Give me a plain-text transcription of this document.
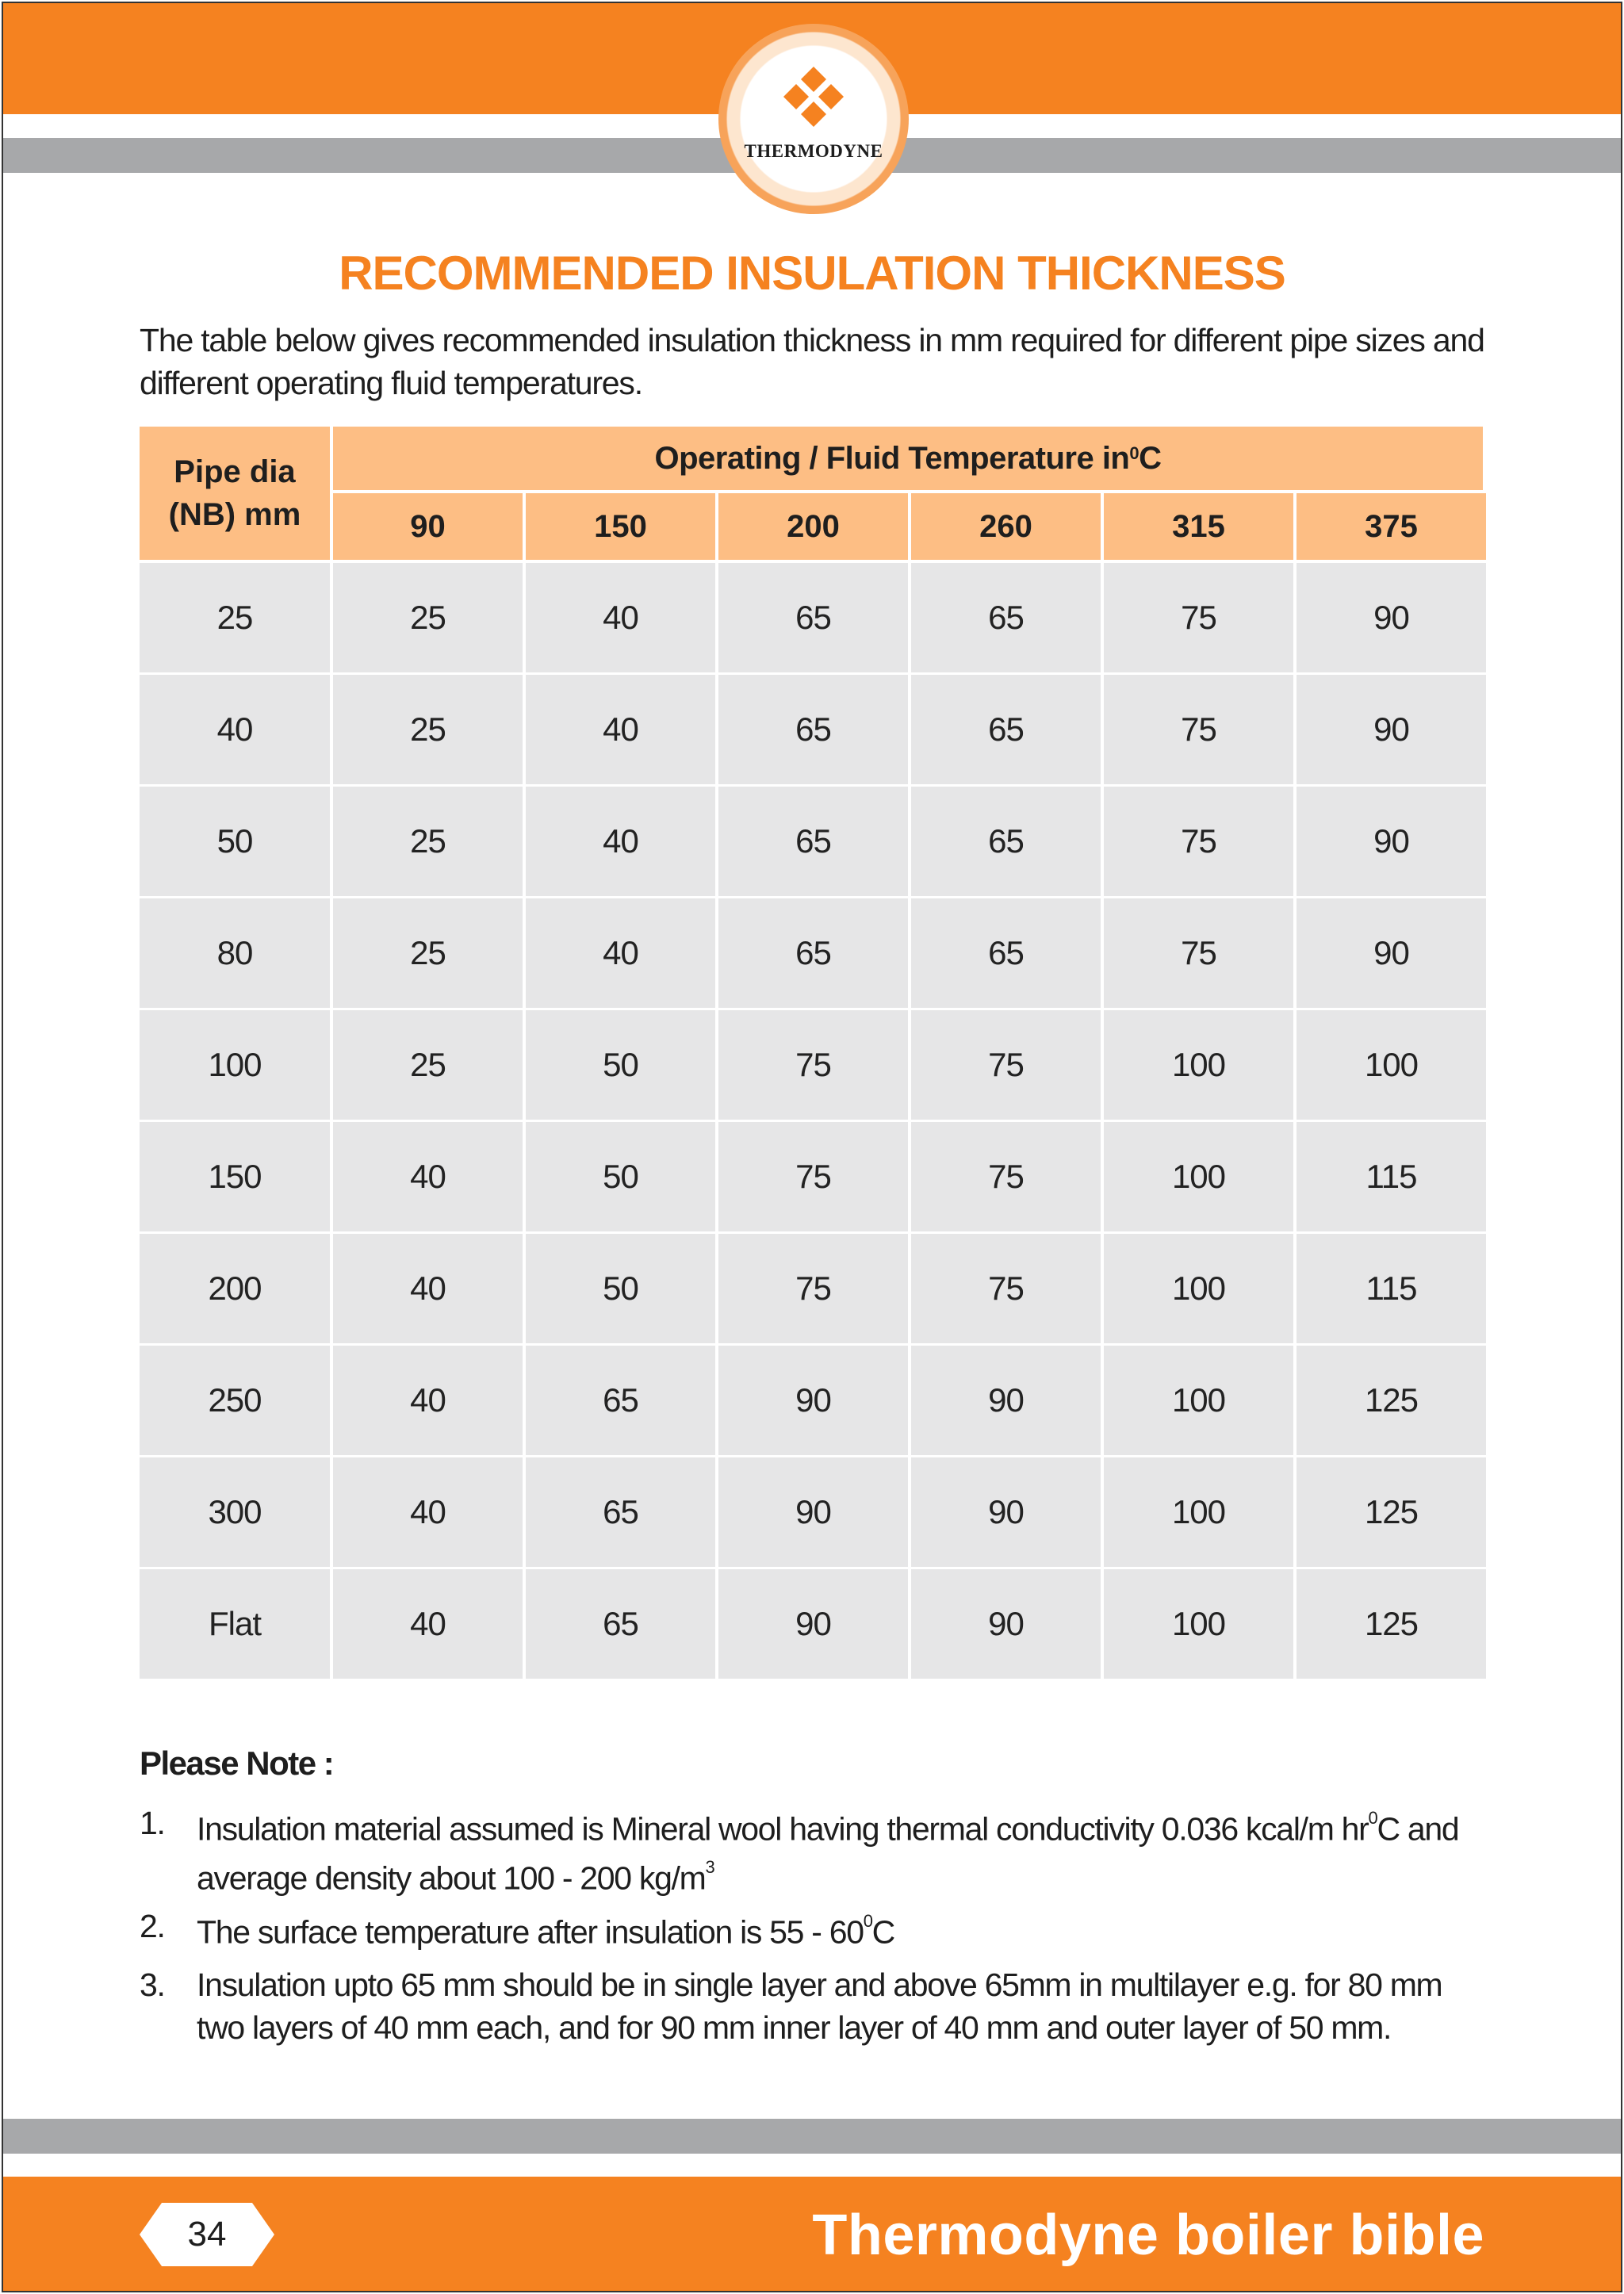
THERMODYNE
RECOMMENDED INSULATION THICKNESS

The table below gives recommended insulation thickness in mm required for different pipe sizes and different operating fluid temperatures.

Pipe dia
(NB) mm
Operating / Fluid Temperature in $^0$ C
90	150	200	260	315	375
25	25	40	65	65	75	90
40	25	40	65	65	75	90
50	25	40	65	65	75	90
80	25	40	65	65	75	90
100	25	50	75	75	100	100
150	40	50	75	75	100	115
200	40	50	75	75	100	115
250	40	65	90	90	100	125
300	40	65	90	90	100	125
Flat	40	65	90	90	100	125
Please Note :
1. Insulation material assumed is Mineral wool having thermal conductivity 0.036 kcal/m $hr^0C$ and average density about 100 - 200 $kg/m^3$
2. The surface temperature after insulation is $55 - 60^0C$
3. Insulation upto 65 mm should be in single layer and above 65mm in multilayer e.g. for 80 mm two layers of 40 mm each, and for 90 mm inner layer of 40 mm and outer layer of 50 mm.
34	Thermodyne boiler bible
